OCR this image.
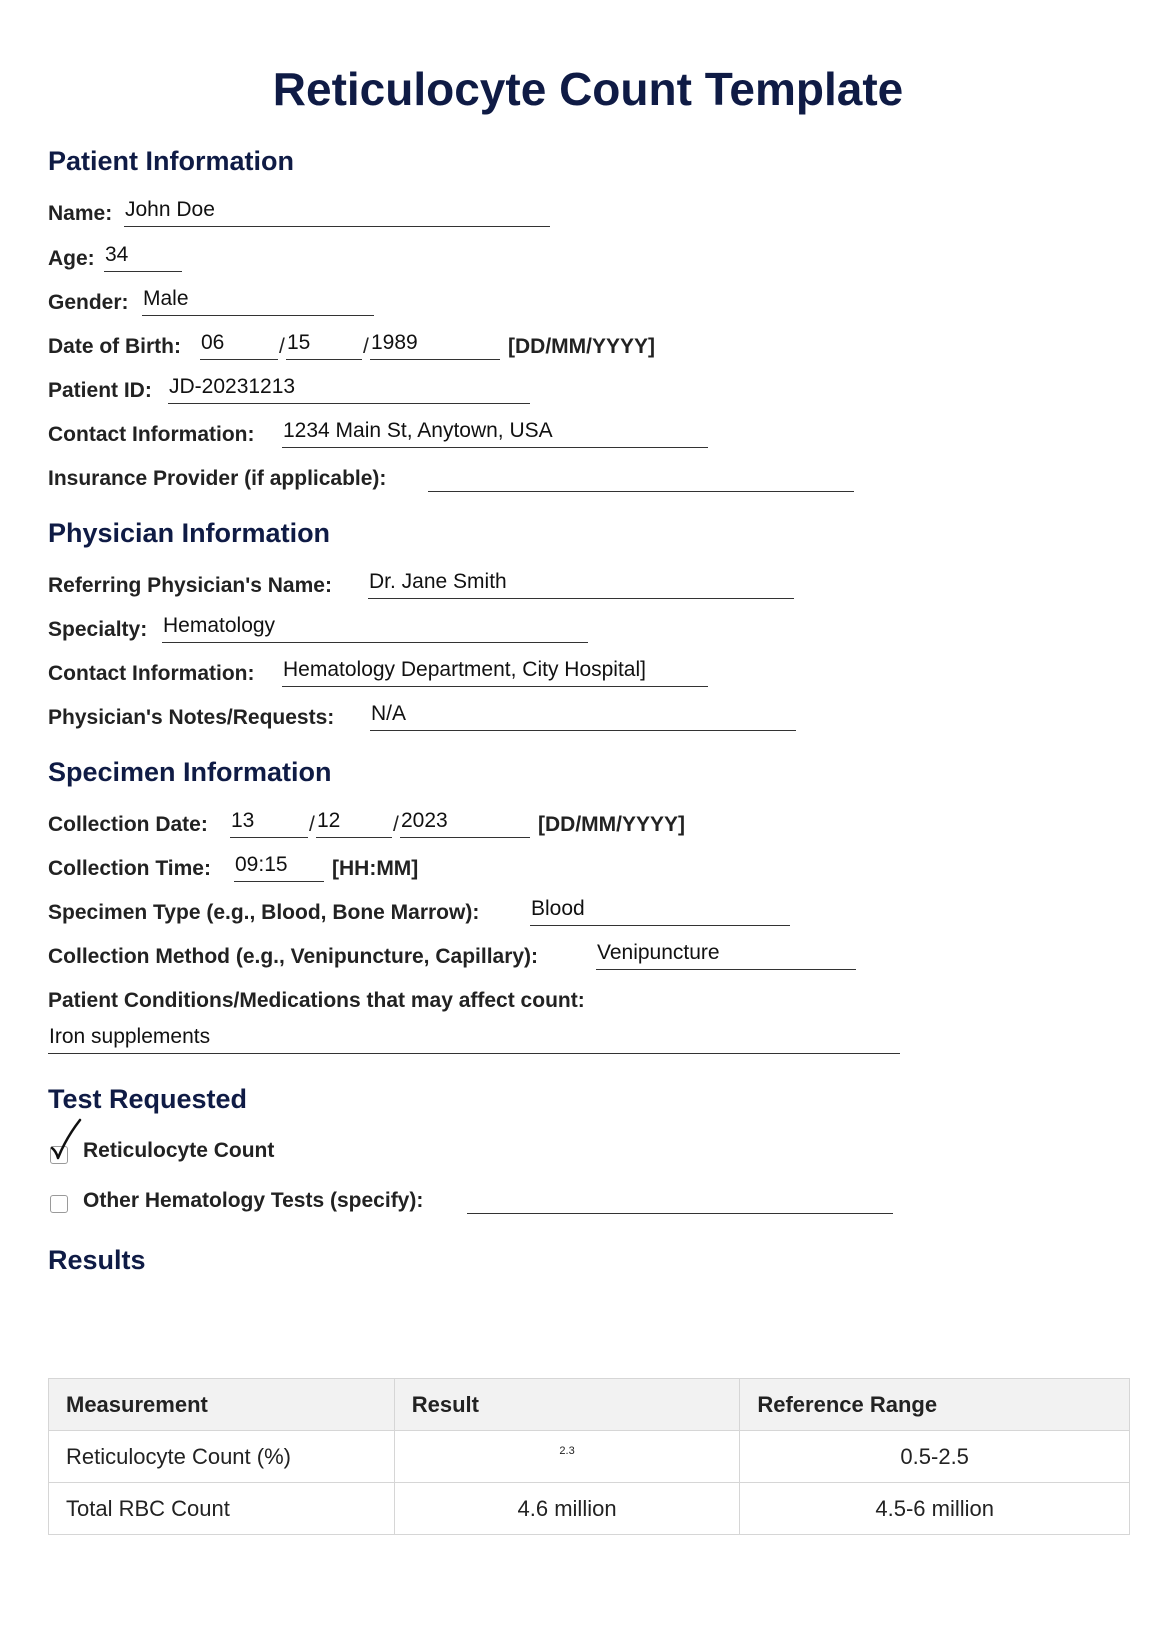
Reticulocyte Count Template
Patient Information
Name: John Doe
Age: 34
Gender: Male
Date of Birth: 06	/ 15	/ 1989	[DD/MM/YYYY]
Patient ID: JD-20231213
Contact Information: 1234 Main St, Anytown, USA
Insurance Provider (if applicable):
Physician Information
Referring Physician's Name: Dr. Jane Smith
Specialty: Hematology
Contact Information: Hematology Department, City Hospital]
Physician's Notes/Requests: N/A
Specimen Information
Collection Date: 13	/ 12	/ 2023	[DD/MM/YYYY]
Collection Time: 09:15	[HH:MM]
Specimen Type (e.g., Blood, Bone Marrow): Blood
Collection Method (e.g., Venipuncture, Capillary):	Venipuncture
Patient Conditions/Medications that may affect count:
Iron supplements
Test Requested
Reticulocyte Count
Other Hematology Tests (specify):
Results
Measurement	Result	Reference Range
Reticulocyte Count (%)	$^{2.3}$	0.5-2.5
Total RBC Count	4.6 million	4.5-6 million
